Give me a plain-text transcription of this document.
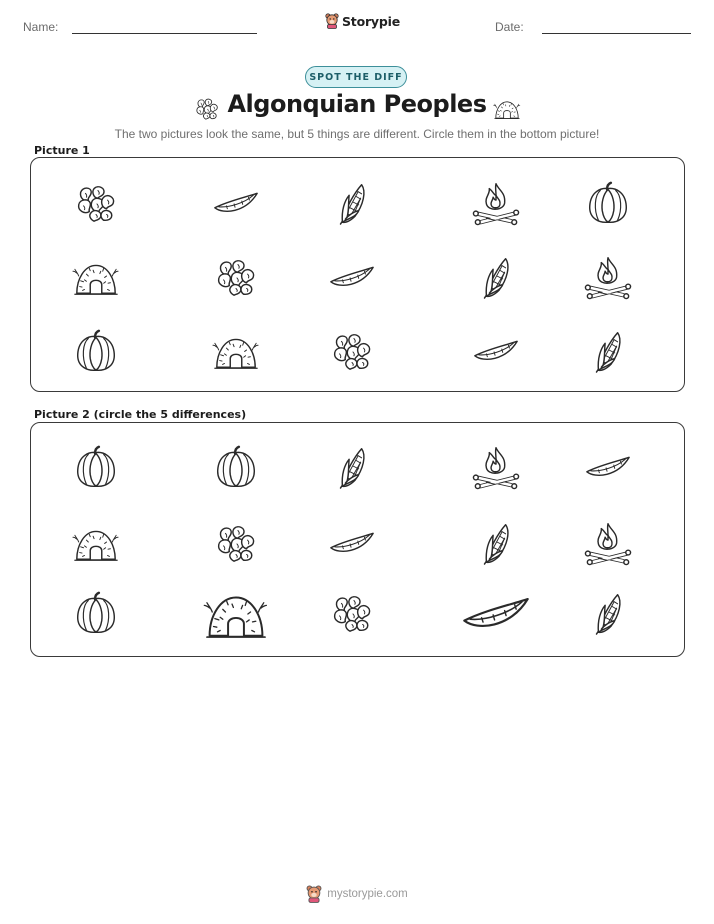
Name:	Storypie	Date:
SPOT THE DIFF
Algonquian Peoples
The two pictures look the same, but 5 things are different. Circle them in the bottom picture!
Picture 1
Picture 2 (circle the 5 differences)
mystorypie.com
